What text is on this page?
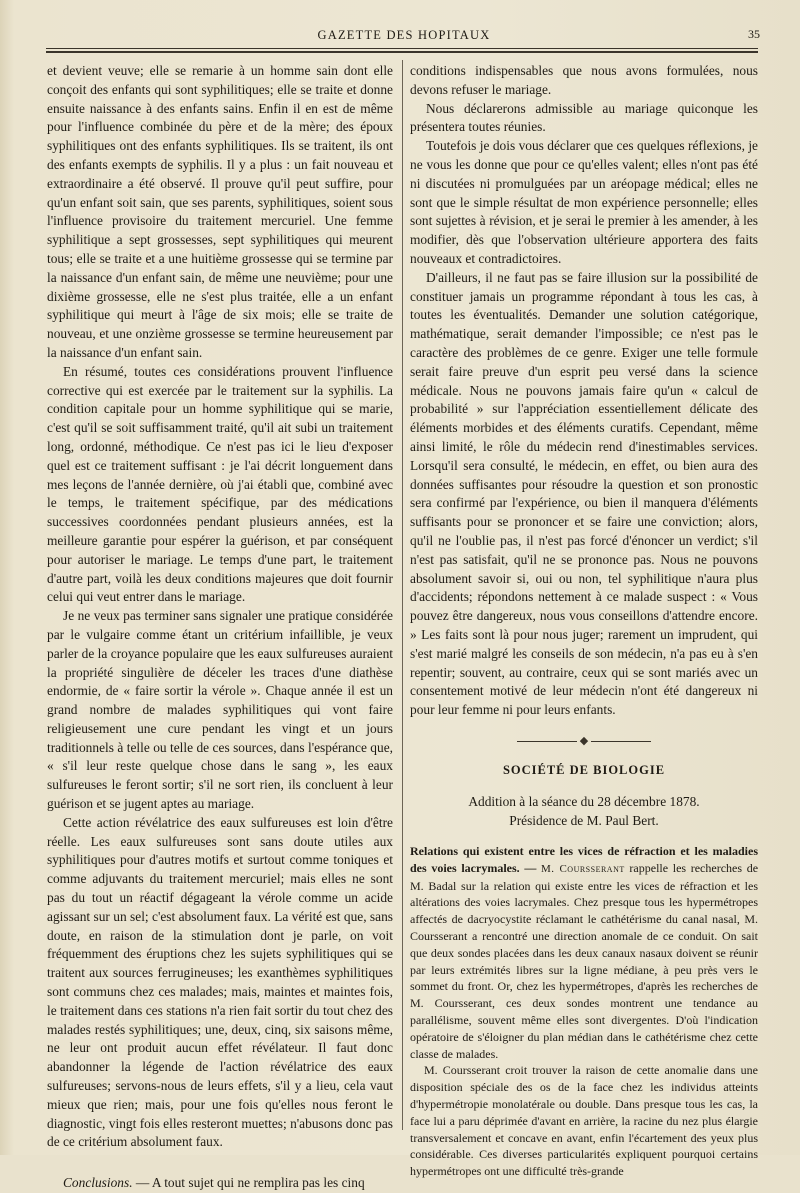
GAZETTE DES HOPITAUX	35

et devient veuve; elle se remarie à un homme sain dont elle conçoit des enfants qui sont syphilitiques; elle se traite et donne ensuite naissance à des enfants sains. Enfin il en est de même pour l'influence combinée du père et de la mère; des époux syphilitiques ont des enfants syphilitiques. Ils se traitent, ils ont des enfants exempts de syphilis. Il y a plus : un fait nouveau et extraordinaire a été observé. Il prouve qu'il peut suffire, pour qu'un enfant soit sain, que ses parents, syphilitiques, soient sous l'influence provisoire du traitement mercuriel. Une femme syphilitique a sept grossesses, sept syphilitiques qui meurent tous; elle se traite et a une huitième grossesse qui se termine par la naissance d'un enfant sain, de même une neuvième; pour une dixième grossesse, elle ne s'est plus traitée, elle a un enfant syphilitique qui meurt à l'âge de six mois; elle se traite de nouveau, et une onzième grossesse se termine heureusement par la naissance d'un enfant sain.

En résumé, toutes ces considérations prouvent l'influence corrective qui est exercée par le traitement sur la syphilis. La condition capitale pour un homme syphilitique qui se marie, c'est qu'il se soit suffisamment traité, qu'il ait subi un traitement long, ordonné, méthodique. Ce n'est pas ici le lieu d'exposer quel est ce traitement suffisant : je l'ai décrit longuement dans mes leçons de l'année dernière, où j'ai établi que, combiné avec le temps, le traitement spécifique, par des médications successives coordonnées pendant plusieurs années, est la meilleure garantie pour espérer la guérison, et par conséquent pour autoriser le mariage. Le temps d'une part, le traitement d'autre part, voilà les deux conditions majeures que doit fournir celui qui veut entrer dans le mariage.

Je ne veux pas terminer sans signaler une pratique considérée par le vulgaire comme étant un critérium infaillible, je veux parler de la croyance populaire que les eaux sulfureuses auraient la propriété singulière de déceler les traces d'une diathèse endormie, de « faire sortir la vérole ». Chaque année il est un grand nombre de malades syphilitiques qui vont faire religieusement une cure pendant les vingt et un jours traditionnels à telle ou telle de ces sources, dans l'espérance que, « s'il leur reste quelque chose dans le sang », les eaux sulfureuses le feront sortir; s'il ne sort rien, ils concluent à leur guérison et se jugent aptes au mariage.

Cette action révélatrice des eaux sulfureuses est loin d'être réelle. Les eaux sulfureuses sont sans doute utiles aux syphilitiques pour d'autres motifs et surtout comme toniques et comme adjuvants du traitement mercuriel; mais elles ne sont pas du tout un réactif dégageant la vérole comme un acide agissant sur un sel; c'est absolument faux. La vérité est que, sans doute, en raison de la stimulation dont je parle, on voit fréquemment des éruptions chez les sujets syphilitiques qui se traitent aux sources ferrugineuses; les exanthèmes syphilitiques sont communs chez ces malades; mais, maintes et maintes fois, le traitement dans ces stations n'a rien fait sortir du tout chez des malades restés syphilitiques; une, deux, cinq, six saisons même, ne leur ont produit aucun effet révélateur. Il faut donc abandonner la légende de l'action révélatrice des eaux sulfureuses; servons-nous de leurs effets, s'il y a lieu, cela vaut mieux que rien; mais, pour une fois qu'elles nous feront le diagnostic, vingt fois elles resteront muettes; n'abusons donc pas de ce critérium absolument faux.

Conclusions. — A tout sujet qui ne remplira pas les cinq

conditions indispensables que nous avons formulées, nous devons refuser le mariage.

Nous déclarerons admissible au mariage quiconque les présentera toutes réunies.

Toutefois je dois vous déclarer que ces quelques réflexions, je ne vous les donne que pour ce qu'elles valent; elles n'ont pas été ni discutées ni promulguées par un aréopage médical; elles ne sont que le simple résultat de mon expérience personnelle; elles sont sujettes à révision, et je serai le premier à les amender, à les modifier, dès que l'observation ultérieure apportera des faits nouveaux et contradictoires.

D'ailleurs, il ne faut pas se faire illusion sur la possibilité de constituer jamais un programme répondant à tous les cas, à toutes les éventualités. Demander une solution catégorique, mathématique, serait demander l'impossible; ce n'est pas le caractère des problèmes de ce genre. Exiger une telle formule serait faire preuve d'un esprit peu versé dans la science médicale. Nous ne pouvons jamais faire qu'un « calcul de probabilité » sur l'appréciation essentiellement délicate des éléments morbides et des éléments curatifs. Cependant, même ainsi limité, le rôle du médecin rend d'inestimables services. Lorsqu'il sera consulté, le médecin, en effet, ou bien aura des données suffisantes pour résoudre la question et son pronostic sera confirmé par l'expérience, ou bien il manquera d'éléments suffisants pour se prononcer et se faire une conviction; alors, qu'il ne l'oublie pas, il n'est pas forcé d'énoncer un verdict; s'il n'est pas satisfait, qu'il ne se prononce pas. Nous ne pouvons absolument savoir si, oui ou non, tel syphilitique n'aura plus d'accidents; répondons nettement à ce malade suspect : « Vous pouvez être dangereux, nous vous conseillons d'attendre encore. » Les faits sont là pour nous juger; rarement un imprudent, qui s'est marié malgré les conseils de son médecin, n'a pas eu à s'en repentir; souvent, au contraire, ceux qui se sont mariés avec un consentement motivé de leur médecin n'ont été dangereux ni pour leur femme ni pour leurs enfants.

◆
SOCIÉTÉ DE BIOLOGIE

Addition à la séance du 28 décembre 1878.

Présidence de M. Paul Bert.

Relations qui existent entre les vices de réfraction et les maladies des voies lacrymales. — M. Coursserant rappelle les recherches de M. Badal sur la relation qui existe entre les vices de réfraction et les altérations des voies lacrymales. Chez presque tous les hypermétropes affectés de dacryocystite réclamant le cathétérisme du canal nasal, M. Coursserant a rencontré une direction anomale de ce conduit. On sait que deux sondes placées dans les deux canaux nasaux doivent se réunir par leurs extrémités libres sur la ligne médiane, à peu près vers le sommet du front. Or, chez les hypermétropes, d'après les recherches de M. Coursserant, ces deux sondes montrent une tendance au parallélisme, souvent même elles sont divergentes. D'où l'indication opératoire de s'éloigner du plan médian dans le cathétérisme chez cette classe de malades.

M. Coursserant croit trouver la raison de cette anomalie dans une disposition spéciale des os de la face chez les individus atteints d'hypermétropie monolatérale ou double. Dans presque tous les cas, la face lui a paru déprimée d'avant en arrière, la racine du nez plus élargie transversalement et concave en avant, enfin l'écartement des yeux plus considérable. Ces diverses particularités expliquent pourquoi certains hypermétropes ont une difficulté très-grande
